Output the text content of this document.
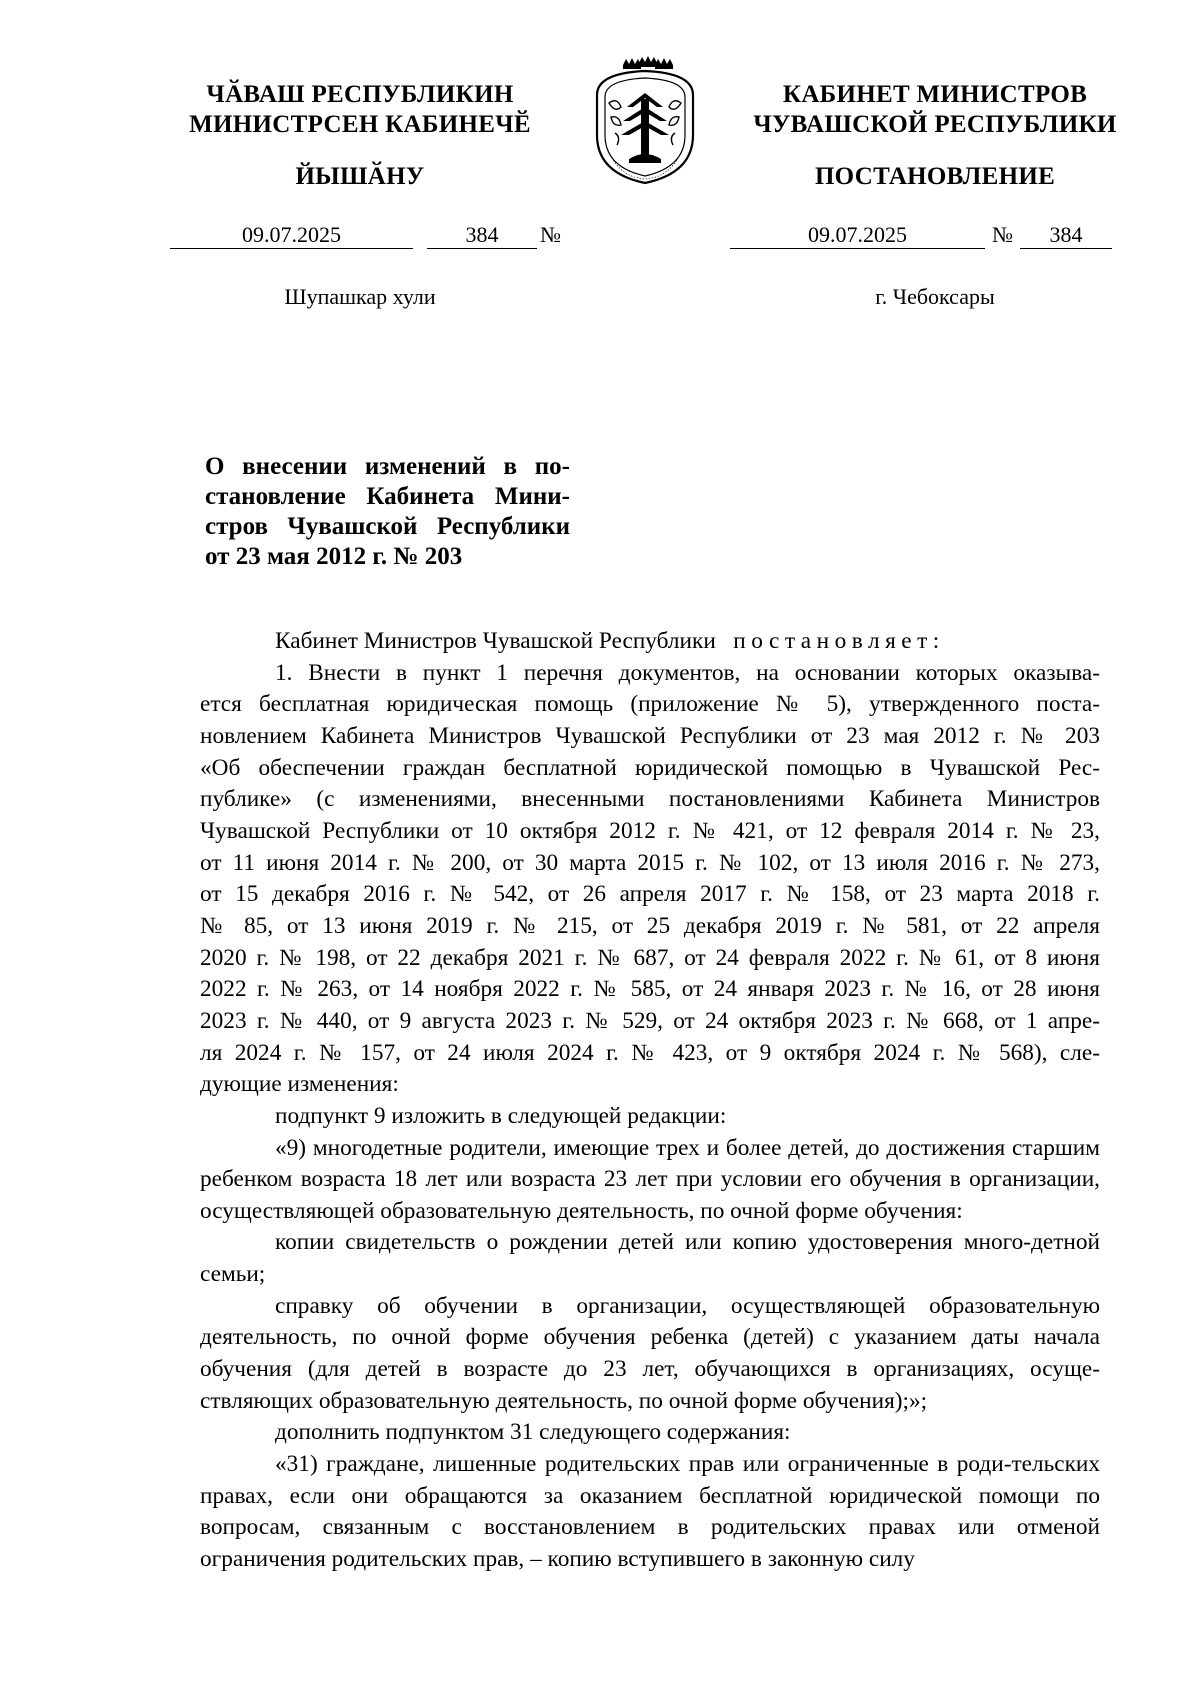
ЧӐВАШ РЕСПУБЛИКИН
МИНИСТРСЕН КАБИНЕЧӖ
ЙЫШӐНУ
09.07.2025	384	№
Шупашкар хули
КАБИНЕТ МИНИСТРОВ
ЧУВАШСКОЙ РЕСПУБЛИКИ
ПОСТАНОВЛЕНИЕ
09.07.2025	№	384
г. Чебоксары
О внесении изменений в по-
становление Кабинета Мини-
стров Чувашской Республики
от 23 мая 2012 г. № 203

Кабинет Министров Чувашской Республики постановляет:

1. Внести в пункт 1 перечня документов, на основании которых оказыва-
ется бесплатная юридическая помощь (приложение № 5), утвержденного поста-
новлением Кабинета Министров Чувашской Республики от 23 мая 2012 г. № 203
«Об обеспечении граждан бесплатной юридической помощью в Чувашской Рес-
публике» (с изменениями, внесенными постановлениями Кабинета Министров
Чувашской Республики от 10 октября 2012 г. № 421, от 12 февраля 2014 г. № 23,
от 11 июня 2014 г. № 200, от 30 марта 2015 г. № 102, от 13 июля 2016 г. № 273,
от 15 декабря 2016 г. № 542, от 26 апреля 2017 г. № 158, от 23 марта 2018 г.
№ 85, от 13 июня 2019 г. № 215, от 25 декабря 2019 г. № 581, от 22 апреля
2020 г. № 198, от 22 декабря 2021 г. № 687, от 24 февраля 2022 г. № 61, от 8 июня
2022 г. № 263, от 14 ноября 2022 г. № 585, от 24 января 2023 г. № 16, от 28 июня
2023 г. № 440, от 9 августа 2023 г. № 529, от 24 октября 2023 г. № 668, от 1 апре-
ля 2024 г. № 157, от 24 июля 2024 г. № 423, от 9 октября 2024 г. № 568), сле-
дующие изменения:

подпункт 9 изложить в следующей редакции:

«9) многодетные родители, имеющие трех и более детей, до достижения старшим ребенком возраста 18 лет или возраста 23 лет при условии его обучения в организации, осуществляющей образовательную деятельность, по очной форме обучения:

копии свидетельств о рождении детей или копию удостоверения много-детной семьи;

справку об обучении в организации, осуществляющей образовательную деятельность, по очной форме обучения ребенка (детей) с указанием даты начала обучения (для детей в возрасте до 23 лет, обучающихся в организациях, осуще-ствляющих образовательную деятельность, по очной форме обучения);»;

дополнить подпунктом 31 следующего содержания:

«31) граждане, лишенные родительских прав или ограниченные в роди-тельских правах, если они обращаются за оказанием бесплатной юридической помощи по вопросам, связанным с восстановлением в родительских правах или отменой ограничения родительских прав, – копию вступившего в законную силу
